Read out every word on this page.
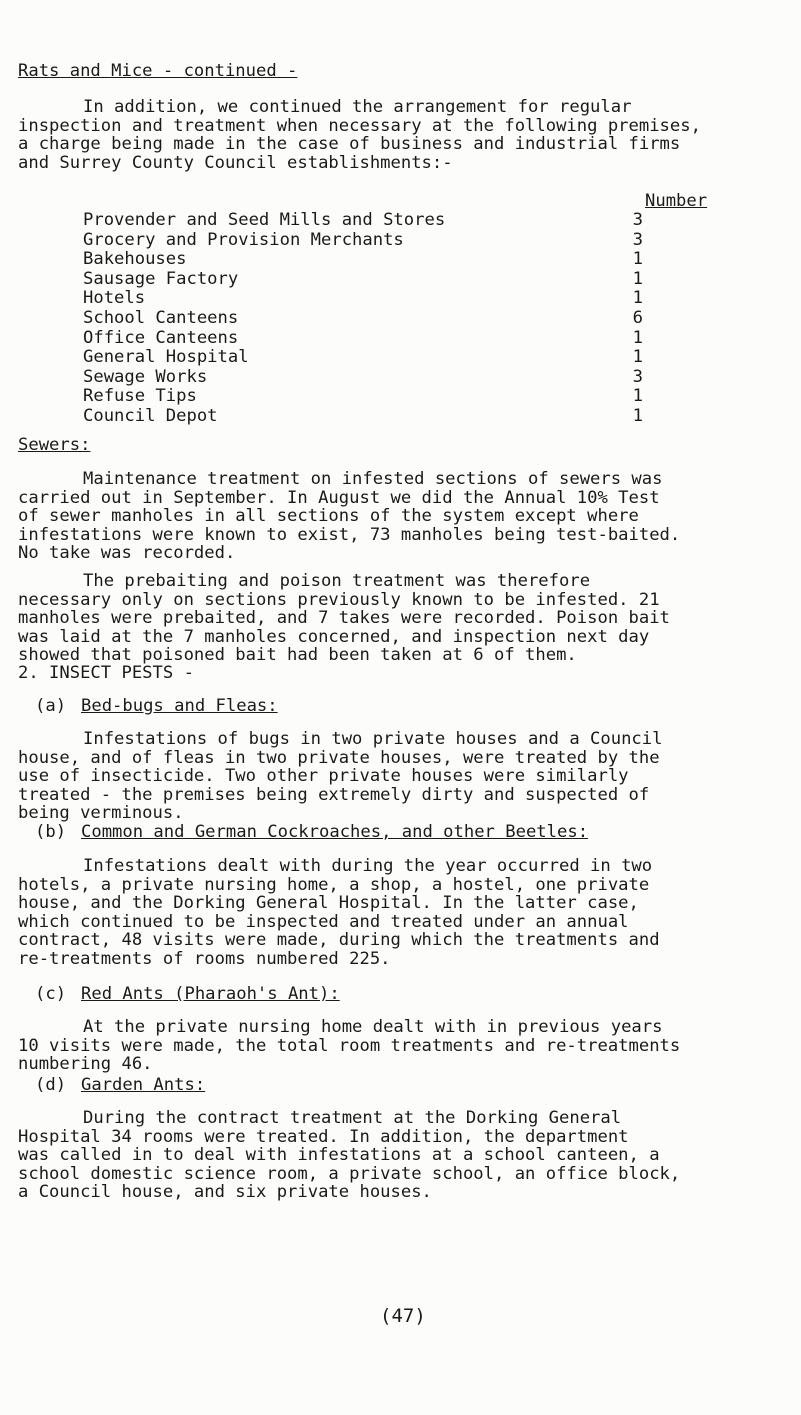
Rats and Mice - continued -
In addition, we continued the arrangement for regular
inspection and treatment when necessary at the following premises,
a charge being made in the case of business and industrial firms
and Surrey County Council establishments:-
Number
Provender and Seed Mills and Stores	3
Grocery and Provision Merchants	3
Bakehouses	1
Sausage Factory	1
Hotels	1
School Canteens	6
Office Canteens	1
General Hospital	1
Sewage Works	3
Refuse Tips	1
Council Depot	1
Sewers:
Maintenance treatment on infested sections of sewers was
carried out in September. In August we did the Annual 10% Test
of sewer manholes in all sections of the system except where
infestations were known to exist, 73 manholes being test-baited.
No take was recorded.
The prebaiting and poison treatment was therefore
necessary only on sections previously known to be infested. 21
manholes were prebaited, and 7 takes were recorded. Poison bait
was laid at the 7 manholes concerned, and inspection next day
showed that poisoned bait had been taken at 6 of them.
2. INSECT PESTS -
(a) Bed-bugs and Fleas:
Infestations of bugs in two private houses and a Council
house, and of fleas in two private houses, were treated by the
use of insecticide. Two other private houses were similarly
treated - the premises being extremely dirty and suspected of
being verminous.
(b) Common and German Cockroaches, and other Beetles:
Infestations dealt with during the year occurred in two
hotels, a private nursing home, a shop, a hostel, one private
house, and the Dorking General Hospital. In the latter case,
which continued to be inspected and treated under an annual
contract, 48 visits were made, during which the treatments and
re-treatments of rooms numbered 225.
(c) Red Ants (Pharaoh's Ant):
At the private nursing home dealt with in previous years
10 visits were made, the total room treatments and re-treatments
numbering 46.
(d) Garden Ants:
During the contract treatment at the Dorking General
Hospital 34 rooms were treated. In addition, the department
was called in to deal with infestations at a school canteen, a
school domestic science room, a private school, an office block,
a Council house, and six private houses.
(47)
